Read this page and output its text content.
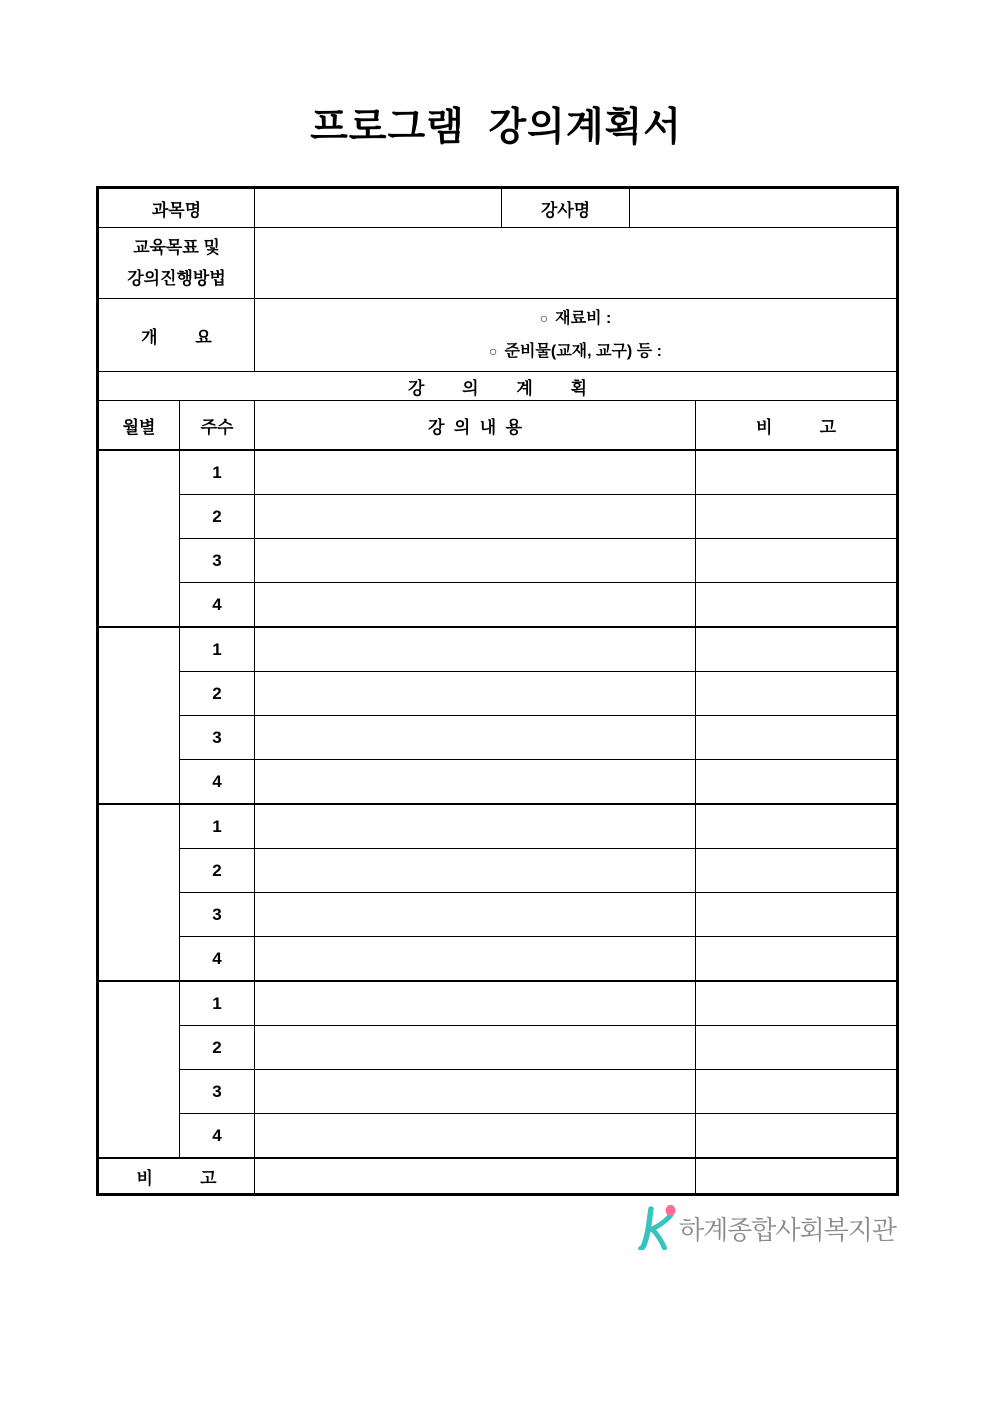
프로그램  강의계획서
과목명			강사명		

교육목표 및
강의진행방법					

개        요		○ 재료비 :
○ 준비물(교재, 교구) 등 :			

강        의        계        획					
월별	주수	강  의  내  용			비          고
	1				
	2				
	3				
	4				
	1				
	2				
	3				
	4				
	1				
	2				
	3				
	4				
	1				
	2				
	3				
	4				
비          고					
하계종합사회복지관
